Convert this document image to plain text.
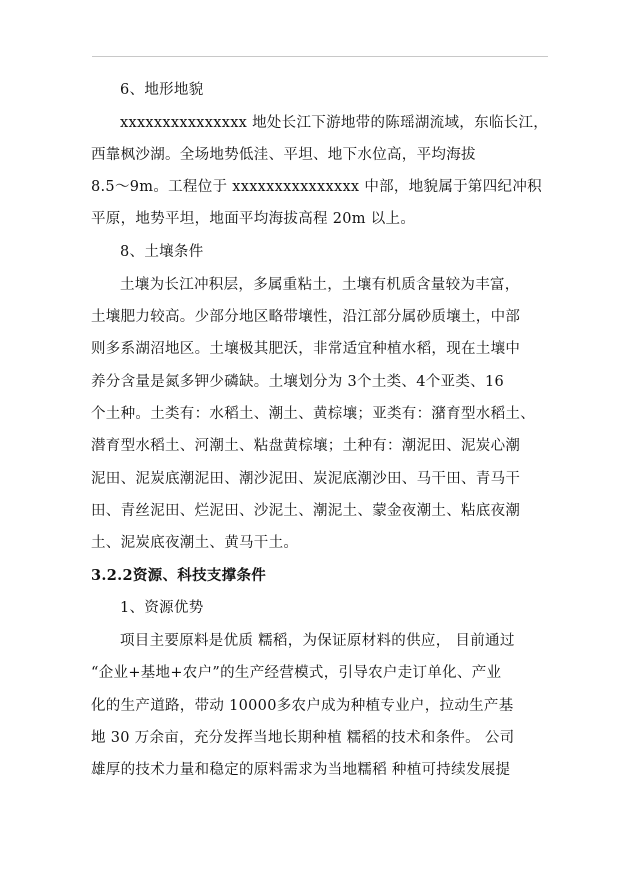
6、地形地貌
xxxxxxxxxxxxxxx 地处长江下游地带的陈瑶湖流域，东临长江，
西靠枫沙湖。全场地势低洼、平坦、地下水位高，平均海拔
8.5～9m。工程位于 xxxxxxxxxxxxxxx 中部，地貌属于第四纪冲积
平原，地势平坦，地面平均海拔高程 20m 以上。
8、土壤条件
土壤为长江冲积层，多属重粘土，土壤有机质含量较为丰富，
土壤肥力较高。少部分地区略带壤性，沿江部分属砂质壤土，中部
则多系湖沼地区。土壤极其肥沃，非常适宜种植水稻，现在土壤中
养分含量是氮多钾少磷缺。土壤划分为 3个土类、4个亚类、16
个土种。土类有：水稻土、潮土、黄棕壤；亚类有：潴育型水稻土、
潜育型水稻土、河潮土、粘盘黄棕壤；土种有：潮泥田、泥炭心潮
泥田、泥炭底潮泥田、潮沙泥田、炭泥底潮沙田、马干田、青马干
田、青丝泥田、烂泥田、沙泥土、潮泥土、蒙金夜潮土、粘底夜潮
土、泥炭底夜潮土、黄马干土。
3.2.2资源、科技支撑条件
1、资源优势
项目主要原料是优质 糯稻，为保证原材料的供应， 目前通过
“企业+基地+农户”的生产经营模式，引导农户走订单化、产业
化的生产道路，带动 10000多农户成为种植专业户，拉动生产基
地 30 万余亩，充分发挥当地长期种植 糯稻的技术和条件。 公司
雄厚的技术力量和稳定的原料需求为当地糯稻 种植可持续发展提
